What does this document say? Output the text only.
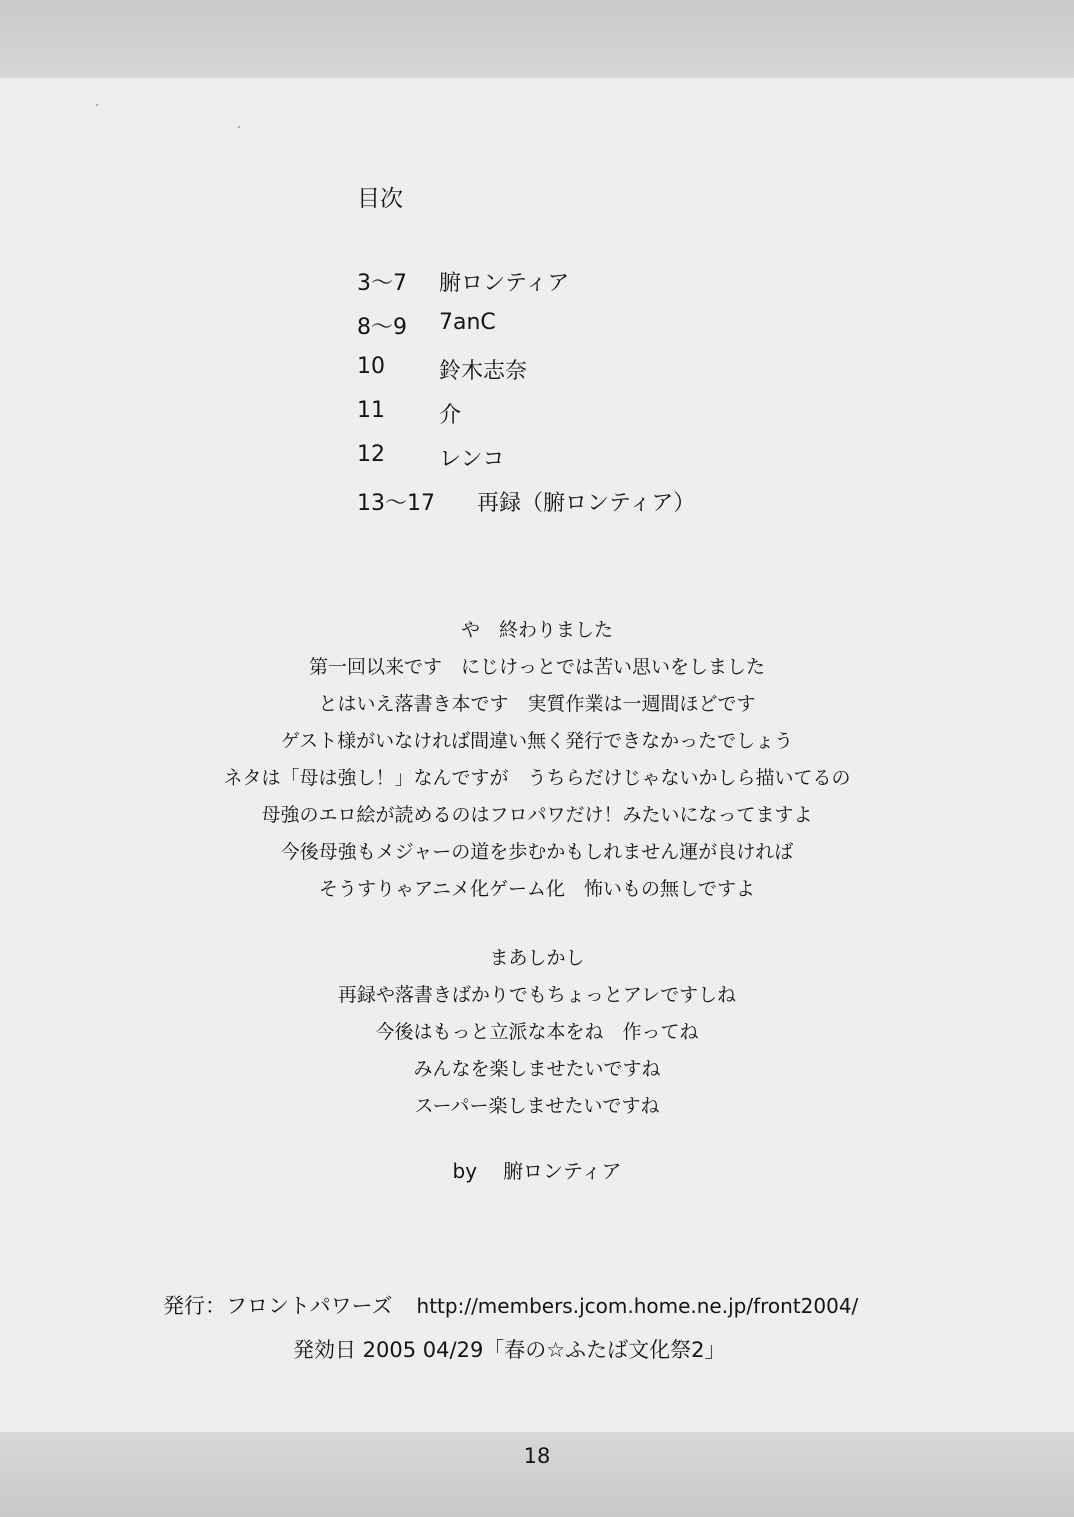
目次
3～7 腑ロンティア
8～9 7anC
10 鈴木志奈
11 介
12 レンコ
13～17 再録（腑ロンティア）
や　終わりました
第一回以来です　にじけっとでは苦い思いをしました
とはいえ落書き本です　実質作業は一週間ほどです
ゲスト様がいなければ間違い無く発行できなかったでしょう
ネタは「母は強し！」なんですが　うちらだけじゃないかしら描いてるの
母強のエロ絵が読めるのはフロパワだけ！みたいになってますよ
今後母強もメジャーの道を歩むかもしれません運が良ければ
そうすりゃアニメ化ゲーム化　怖いもの無しですよ
まあしかし
再録や落書きばかりでもちょっとアレですしね
今後はもっと立派な本をね　作ってね
みんなを楽しませたいですね
スーパー楽しませたいですね
by 腑ロンティア
発行：フロントパワーズ http://members.jcom.home.ne.jp/front2004/
発効日 2005 04/29「春の☆ふたば文化祭2」
18
